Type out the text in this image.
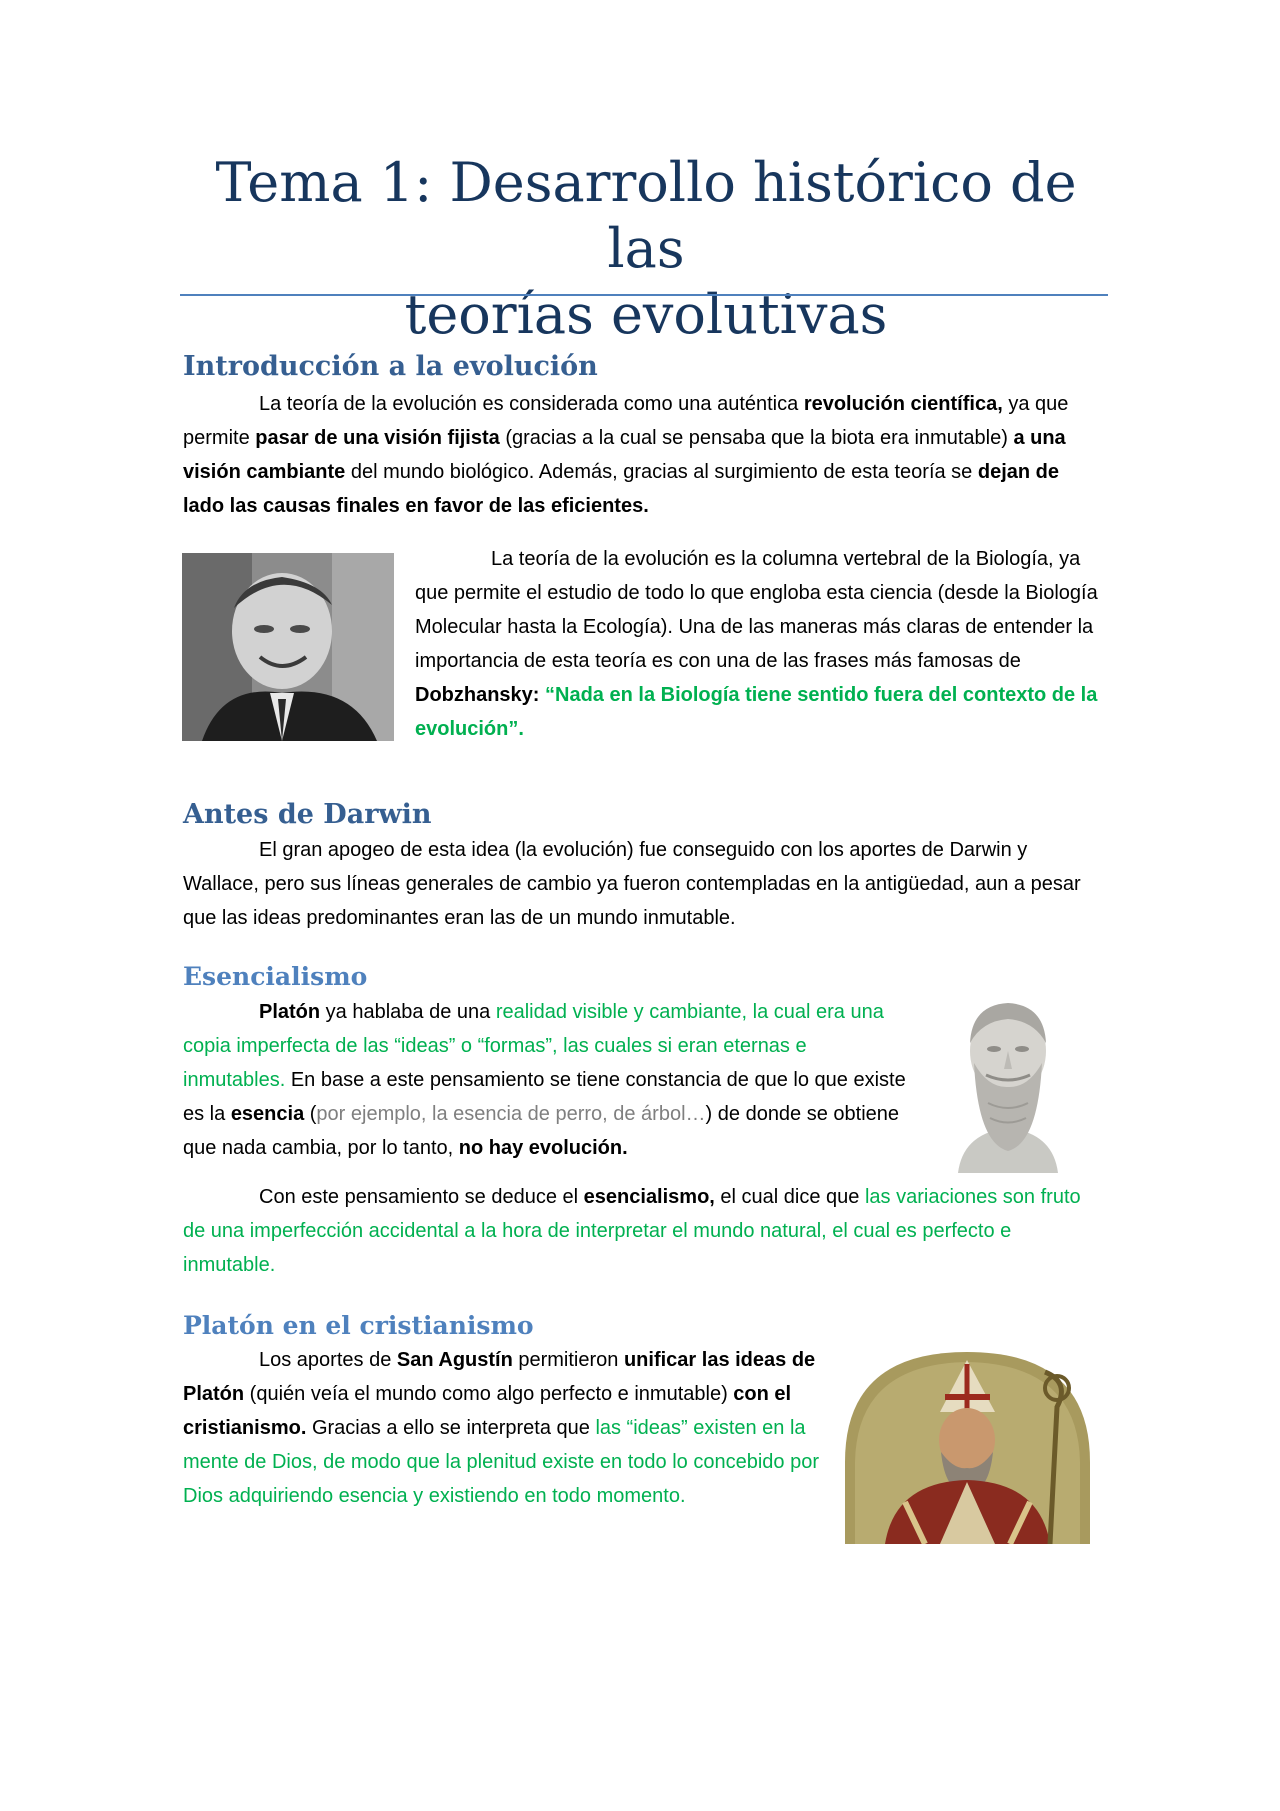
Tema 1: Desarrollo histórico de las
teorías evolutivas
Introducción a la evolución

La teoría de la evolución es considerada como una auténtica revolución científica, ya que permite pasar de una visión fijista (gracias a la cual se pensaba que la biota era inmutable) a una visión cambiante del mundo biológico. Además, gracias al surgimiento de esta teoría se dejan de lado las causas finales en favor de las eficientes.

La teoría de la evolución es la columna vertebral de la Biología, ya que permite el estudio de todo lo que engloba esta ciencia (desde la Biología Molecular hasta la Ecología). Una de las maneras más claras de entender la importancia de esta teoría es con una de las frases más famosas de Dobzhansky: “Nada en la Biología tiene sentido fuera del contexto de la evolución”.

Antes de Darwin

El gran apogeo de esta idea (la evolución) fue conseguido con los aportes de Darwin y Wallace, pero sus líneas generales de cambio ya fueron contempladas en la antigüedad, aun a pesar que las ideas predominantes eran las de un mundo inmutable.

Esencialismo

Platón ya hablaba de una realidad visible y cambiante, la cual era una copia imperfecta de las “ideas” o “formas”, las cuales si eran eternas e inmutables. En base a este pensamiento se tiene constancia de que lo que existe es la esencia (por ejemplo, la esencia de perro, de árbol…) de donde se obtiene que nada cambia, por lo tanto, no hay evolución.

Con este pensamiento se deduce el esencialismo, el cual dice que las variaciones son fruto de una imperfección accidental a la hora de interpretar el mundo natural, el cual es perfecto e inmutable.

Platón en el cristianismo

Los aportes de San Agustín permitieron unificar las ideas de Platón (quién veía el mundo como algo perfecto e inmutable) con el cristianismo. Gracias a ello se interpreta que las “ideas” existen en la mente de Dios, de modo que la plenitud existe en todo lo concebido por Dios adquiriendo esencia y existiendo en todo momento.
